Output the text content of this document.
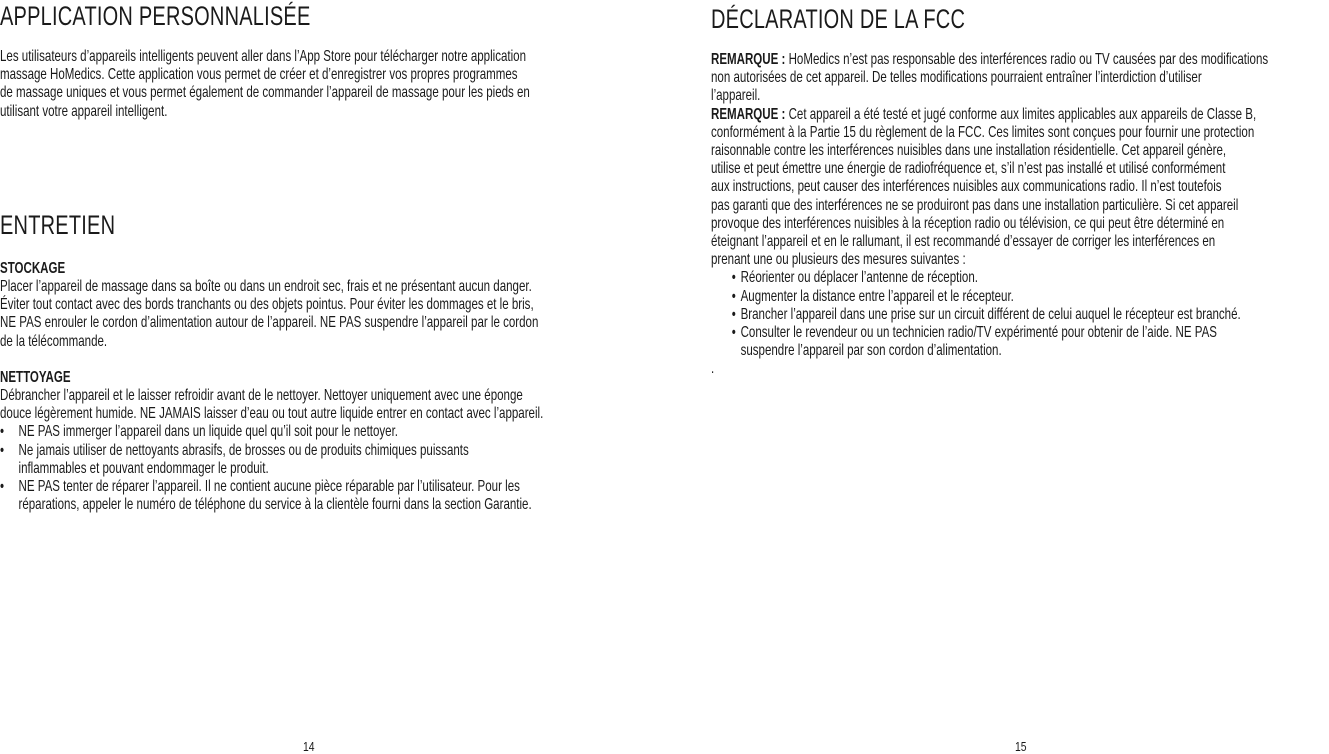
APPLICATION PERSONNALISÉE

Les utilisateurs d’appareils intelligents peuvent aller dans l’App Store pour télécharger notre application
massage HoMedics. Cette application vous permet de créer et d’enregistrer vos propres programmes
de massage uniques et vous permet également de commander l’appareil de massage pour les pieds en
utilisant votre appareil intelligent.

ENTRETIEN
STOCKAGE

Placer l’appareil de massage dans sa boîte ou dans un endroit sec, frais et ne présentant aucun danger.
Éviter tout contact avec des bords tranchants ou des objets pointus. Pour éviter les dommages et le bris,
NE PAS enrouler le cordon d’alimentation autour de l’appareil. NE PAS suspendre l’appareil par le cordon
de la télécommande.

NETTOYAGE

Débrancher l’appareil et le laisser refroidir avant de le nettoyer. Nettoyer uniquement avec une éponge
douce légèrement humide. NE JAMAIS laisser d’eau ou tout autre liquide entrer en contact avec l’appareil.

• NE PAS immerger l’appareil dans un liquide quel qu’il soit pour le nettoyer.
• Ne jamais utiliser de nettoyants abrasifs, de brosses ou de produits chimiques puissants
inflammables et pouvant endommager le produit.
• NE PAS tenter de réparer l’appareil. Il ne contient aucune pièce réparable par l’utilisateur. Pour les
réparations, appeler le numéro de téléphone du service à la clientèle fourni dans la section Garantie.
14
DÉCLARATION DE LA FCC

REMARQUE : HoMedics n’est pas responsable des interférences radio ou TV causées par des modifications
non autorisées de cet appareil. De telles modifications pourraient entraîner l’interdiction d’utiliser
l’appareil.

REMARQUE : Cet appareil a été testé et jugé conforme aux limites applicables aux appareils de Classe B,
conformément à la Partie 15 du règlement de la FCC. Ces limites sont conçues pour fournir une protection
raisonnable contre les interférences nuisibles dans une installation résidentielle. Cet appareil génère,
utilise et peut émettre une énergie de radiofréquence et, s’il n’est pas installé et utilisé conformément
aux instructions, peut causer des interférences nuisibles aux communications radio. Il n’est toutefois
pas garanti que des interférences ne se produiront pas dans une installation particulière. Si cet appareil
provoque des interférences nuisibles à la réception radio ou télévision, ce qui peut être déterminé en
éteignant l’appareil et en le rallumant, il est recommandé d’essayer de corriger les interférences en
prenant une ou plusieurs des mesures suivantes :

• Réorienter ou déplacer l’antenne de réception.
• Augmenter la distance entre l’appareil et le récepteur.
• Brancher l’appareil dans une prise sur un circuit différent de celui auquel le récepteur est branché.
• Consulter le revendeur ou un technicien radio/TV expérimenté pour obtenir de l’aide. NE PAS
suspendre l’appareil par son cordon d’alimentation.

.

15
